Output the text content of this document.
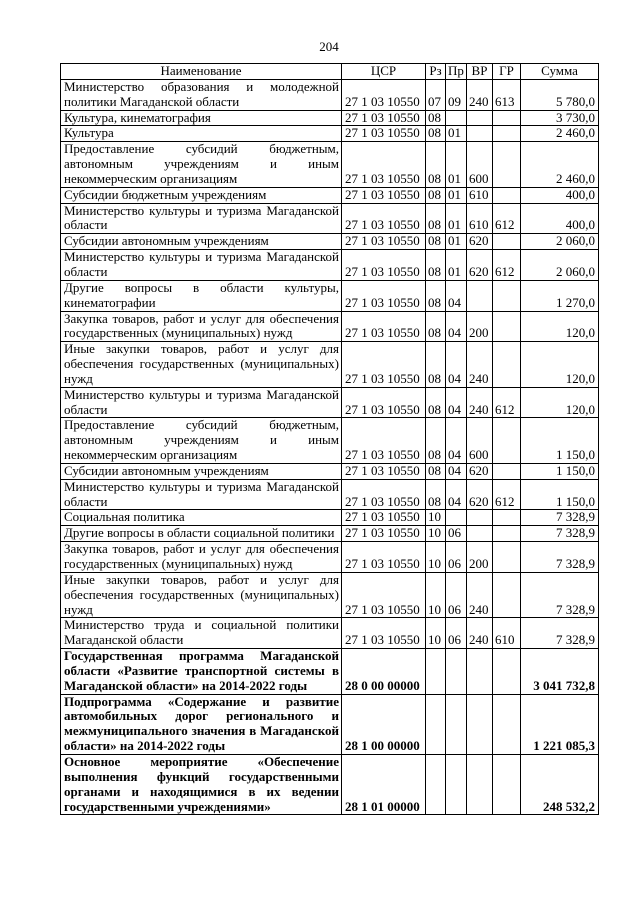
204
Наименование	ЦСР	Рз	Пр	ВР	ГР	Сумма

Министерство образования и молодежной
политики Магаданской области	27 1 03 10550	07	09	240	613	5 780,0

Культура, кинематография	27 1 03 10550	08				3 730,0

Культура	27 1 03 10550	08	01			2 460,0

Предоставление субсидий бюджетным,
автономным учреждениям и иным
некоммерческим организациям	27 1 03 10550	08	01	600		2 460,0

Субсидии бюджетным учреждениям	27 1 03 10550	08	01	610		400,0

Министерство культуры и туризма Магаданской
области	27 1 03 10550	08	01	610	612	400,0

Субсидии автономным учреждениям	27 1 03 10550	08	01	620		2 060,0

Министерство культуры и туризма Магаданской
области	27 1 03 10550	08	01	620	612	2 060,0

Другие вопросы в области культуры,
кинематографии	27 1 03 10550	08	04			1 270,0

Закупка товаров, работ и услуг для обеспечения
государственных (муниципальных) нужд	27 1 03 10550	08	04	200		120,0

Иные закупки товаров, работ и услуг для
обеспечения государственных (муниципальных)
нужд	27 1 03 10550	08	04	240		120,0

Министерство культуры и туризма Магаданской
области	27 1 03 10550	08	04	240	612	120,0

Предоставление субсидий бюджетным,
автономным учреждениям и иным
некоммерческим организациям	27 1 03 10550	08	04	600		1 150,0

Субсидии автономным учреждениям	27 1 03 10550	08	04	620		1 150,0

Министерство культуры и туризма Магаданской
области	27 1 03 10550	08	04	620	612	1 150,0

Социальная политика	27 1 03 10550	10				7 328,9

Другие вопросы в области социальной политики	27 1 03 10550	10	06			7 328,9

Закупка товаров, работ и услуг для обеспечения
государственных (муниципальных) нужд	27 1 03 10550	10	06	200		7 328,9

Иные закупки товаров, работ и услуг для
обеспечения государственных (муниципальных)
нужд	27 1 03 10550	10	06	240		7 328,9

Министерство труда и социальной политики
Магаданской области	27 1 03 10550	10	06	240	610	7 328,9

Государственная программа Магаданской
области «Развитие транспортной системы в
Магаданской области» на 2014-2022 годы	28 0 00 00000					3 041 732,8

Подпрограмма «Содержание и развитие
автомобильных дорог регионального и
межмуниципального значения в Магаданской
области» на 2014-2022 годы	28 1 00 00000					1 221 085,3

Основное мероприятие «Обеспечение
выполнения функций государственными
органами и находящимися в их ведении
государственными учреждениями»	28 1 01 00000					248 532,2
